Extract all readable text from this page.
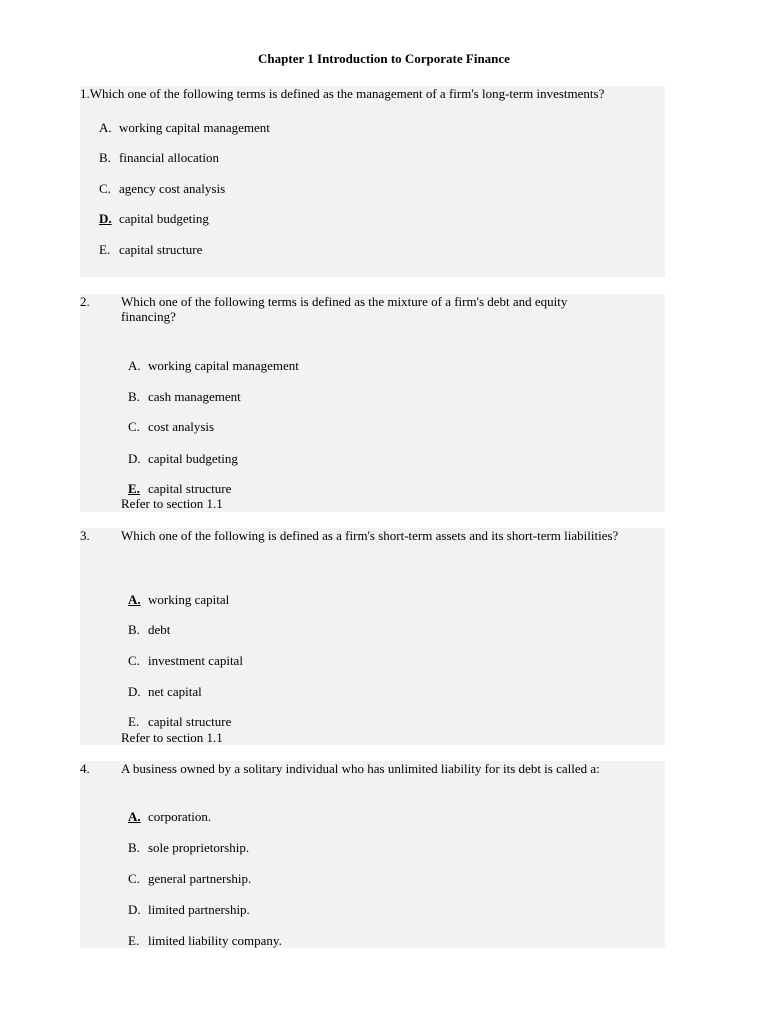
Chapter 1 Introduction to Corporate Finance
1.Which one of the following terms is defined as the management of a firm's long-term investments?
A. working capital management
B. financial allocation
C. agency cost analysis
D. capital budgeting
E. capital structure
2. Which one of the following terms is defined as the mixture of a firm's debt and equity financing?
A. working capital management
B. cash management
C. cost analysis
D. capital budgeting
E. capital structure
Refer to section 1.1
3. Which one of the following is defined as a firm's short-term assets and its short-term liabilities?
A. working capital
B. debt
C. investment capital
D. net capital
E. capital structure
Refer to section 1.1
4. A business owned by a solitary individual who has unlimited liability for its debt is called a:
A. corporation.
B. sole proprietorship.
C. general partnership.
D. limited partnership.
E. limited liability company.
